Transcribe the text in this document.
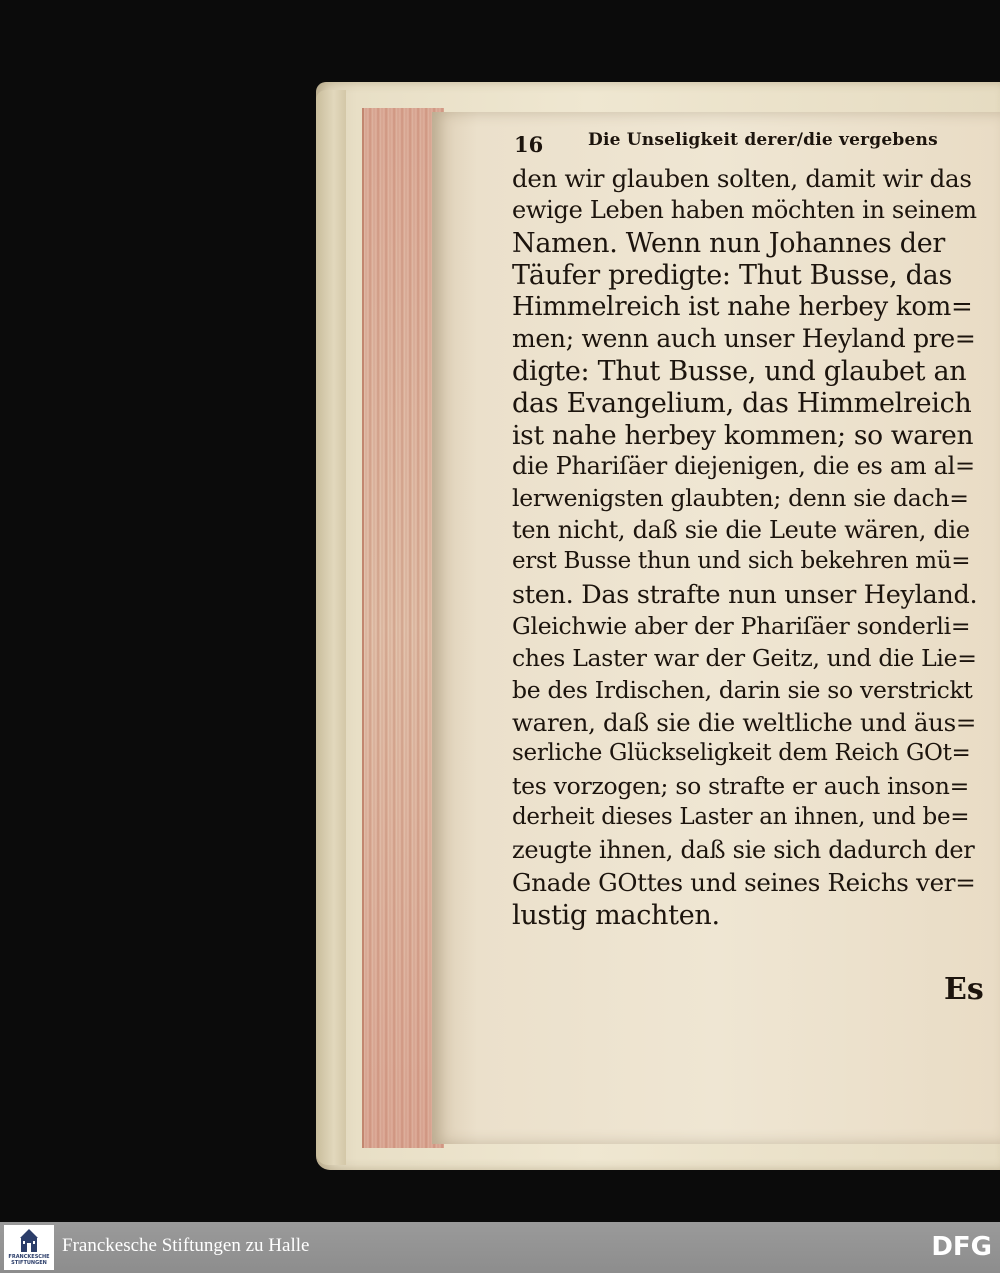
16	Die Unseligkeit derer/die vergebens
den wir glauben solten, damit wir das
ewige Leben haben möchten in seinem
Namen. Wenn nun Johannes der
Täufer predigte: Thut Busse, das
Himmelreich ist nahe herbey kom=
men; wenn auch unser Heyland pre=
digte: Thut Busse, und glaubet an
das Evangelium, das Himmelreich
ist nahe herbey kommen; so waren
die Phariſäer diejenigen, die es am al=
lerwenigsten glaubten; denn sie dach=
ten nicht, daß sie die Leute wären, die
erst Busse thun und sich bekehren mü=
sten. Das strafte nun unser Heyland.
Gleichwie aber der Phariſäer sonderli=
ches Laster war der Geitz, und die Lie=
be des Irdischen, darin sie so verstrickt
waren, daß sie die weltliche und äus=
serliche Glückseligkeit dem Reich GOt=
tes vorzogen; so strafte er auch inson=
derheit dieses Laster an ihnen, und be=
zeugte ihnen, daß sie sich dadurch der
Gnade GOttes und seines Reichs ver=
lustig machten.
Es
FRANCKESCHE STIFTUNGEN
Franckesche Stiftungen zu Halle	DFG
